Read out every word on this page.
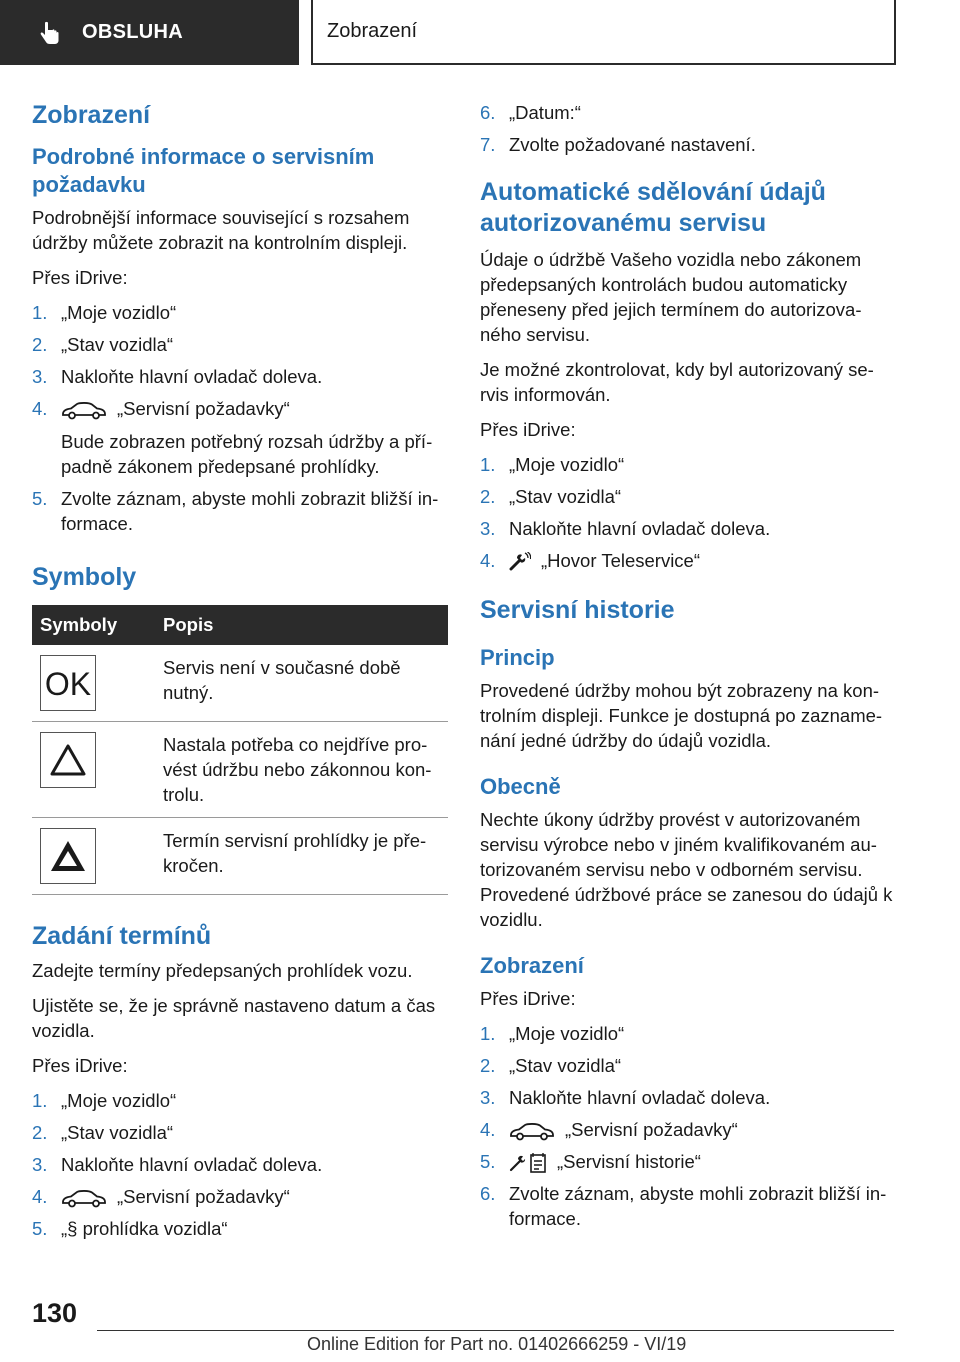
OBSLUHA	Zobrazení
Zobrazení
Podrobné informace o servisním požadavku

Podrobnější informace související s rozsahem údržby můžete zobrazit na kontrolním displeji.

Přes iDrive:

1. „Moje vozidlo“
2. „Stav vozidla“
3. Nakloňte hlavní ovladač doleva.
4.	„Servisní požadavky“
Bude zobrazen potřebný rozsah údržby a pří-padně zákonem předepsané prohlídky.
5. Zvolte záznam, abyste mohli zobrazit bližší in-formace.
Symboly
Symboly	Popis

OK	Servis není v současné době nutný.

	Nastala potřeba co nejdříve pro-vést údržbu nebo zákonnou kon-trolu.

	Termín servisní prohlídky je pře-kročen.
Zadání termínů

Zadejte termíny předepsaných prohlídek vozu.

Ujistěte se, že je správně nastaveno datum a čas vozidla.

Přes iDrive:

1. „Moje vozidlo“
2. „Stav vozidla“
3. Nakloňte hlavní ovladač doleva.
4.	„Servisní požadavky“
5. „§ prohlídka vozidla“
6. „Datum:“
7. Zvolte požadované nastavení.
Automatické sdělování údajů autorizovanému servisu

Údaje o údržbě Vašeho vozidla nebo zákonem předepsaných kontrolách budou automaticky přeneseny před jejich termínem do autorizova-ného servisu.

Je možné zkontrolovat, kdy byl autorizovaný se-rvis informován.

Přes iDrive:

1. „Moje vozidlo“
2. „Stav vozidla“
3. Nakloňte hlavní ovladač doleva.
4.	„Hovor Teleservice“
Servisní historie
Princip

Provedené údržby mohou být zobrazeny na kon-trolním displeji. Funkce je dostupná po zazname-nání jedné údržby do údajů vozidla.

Obecně

Nechte úkony údržby provést v autorizovaném servisu výrobce nebo v jiném kvalifikovaném au-torizovaném servisu nebo v odborném servisu. Provedené údržbové práce se zanesou do údajů k vozidlu.

Zobrazení

Přes iDrive:

1. „Moje vozidlo“
2. „Stav vozidla“
3. Nakloňte hlavní ovladač doleva.
4.	„Servisní požadavky“
5.	„Servisní historie“
6. Zvolte záznam, abyste mohli zobrazit bližší in-formace.
130
Online Edition for Part no. 01402666259 - VI/19
